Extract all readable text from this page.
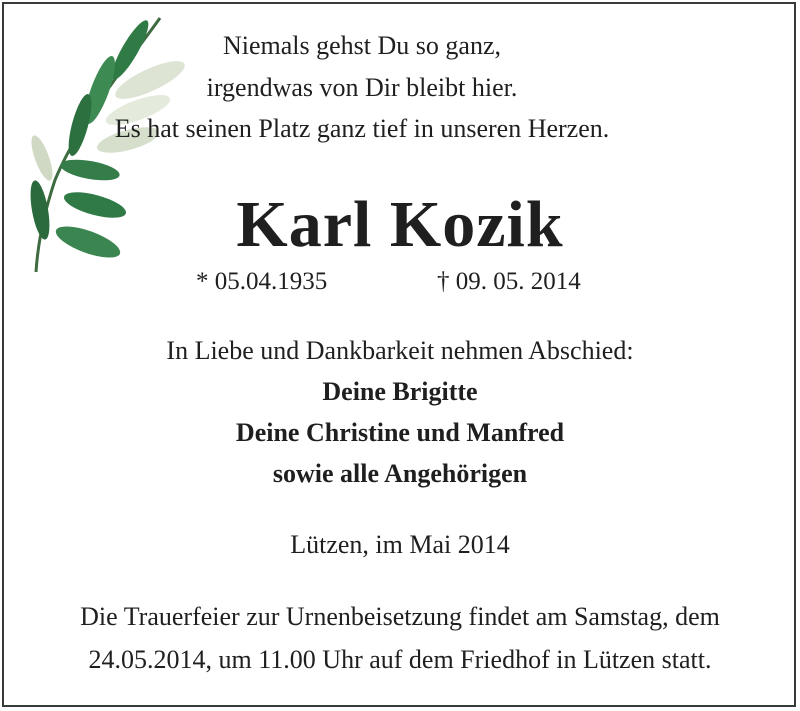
Niemals gehst Du so ganz,
irgendwas von Dir bleibt hier.
Es hat seinen Platz ganz tief in unseren Herzen.
Karl Kozik
* 05.04.1935	† 09. 05. 2014
In Liebe und Dankbarkeit nehmen Abschied:
Deine Brigitte
Deine Christine und Manfred
sowie alle Angehörigen
Lützen, im Mai 2014
Die Trauerfeier zur Urnenbeisetzung findet am Samstag, dem
24.05.2014, um 11.00 Uhr auf dem Friedhof in Lützen statt.
